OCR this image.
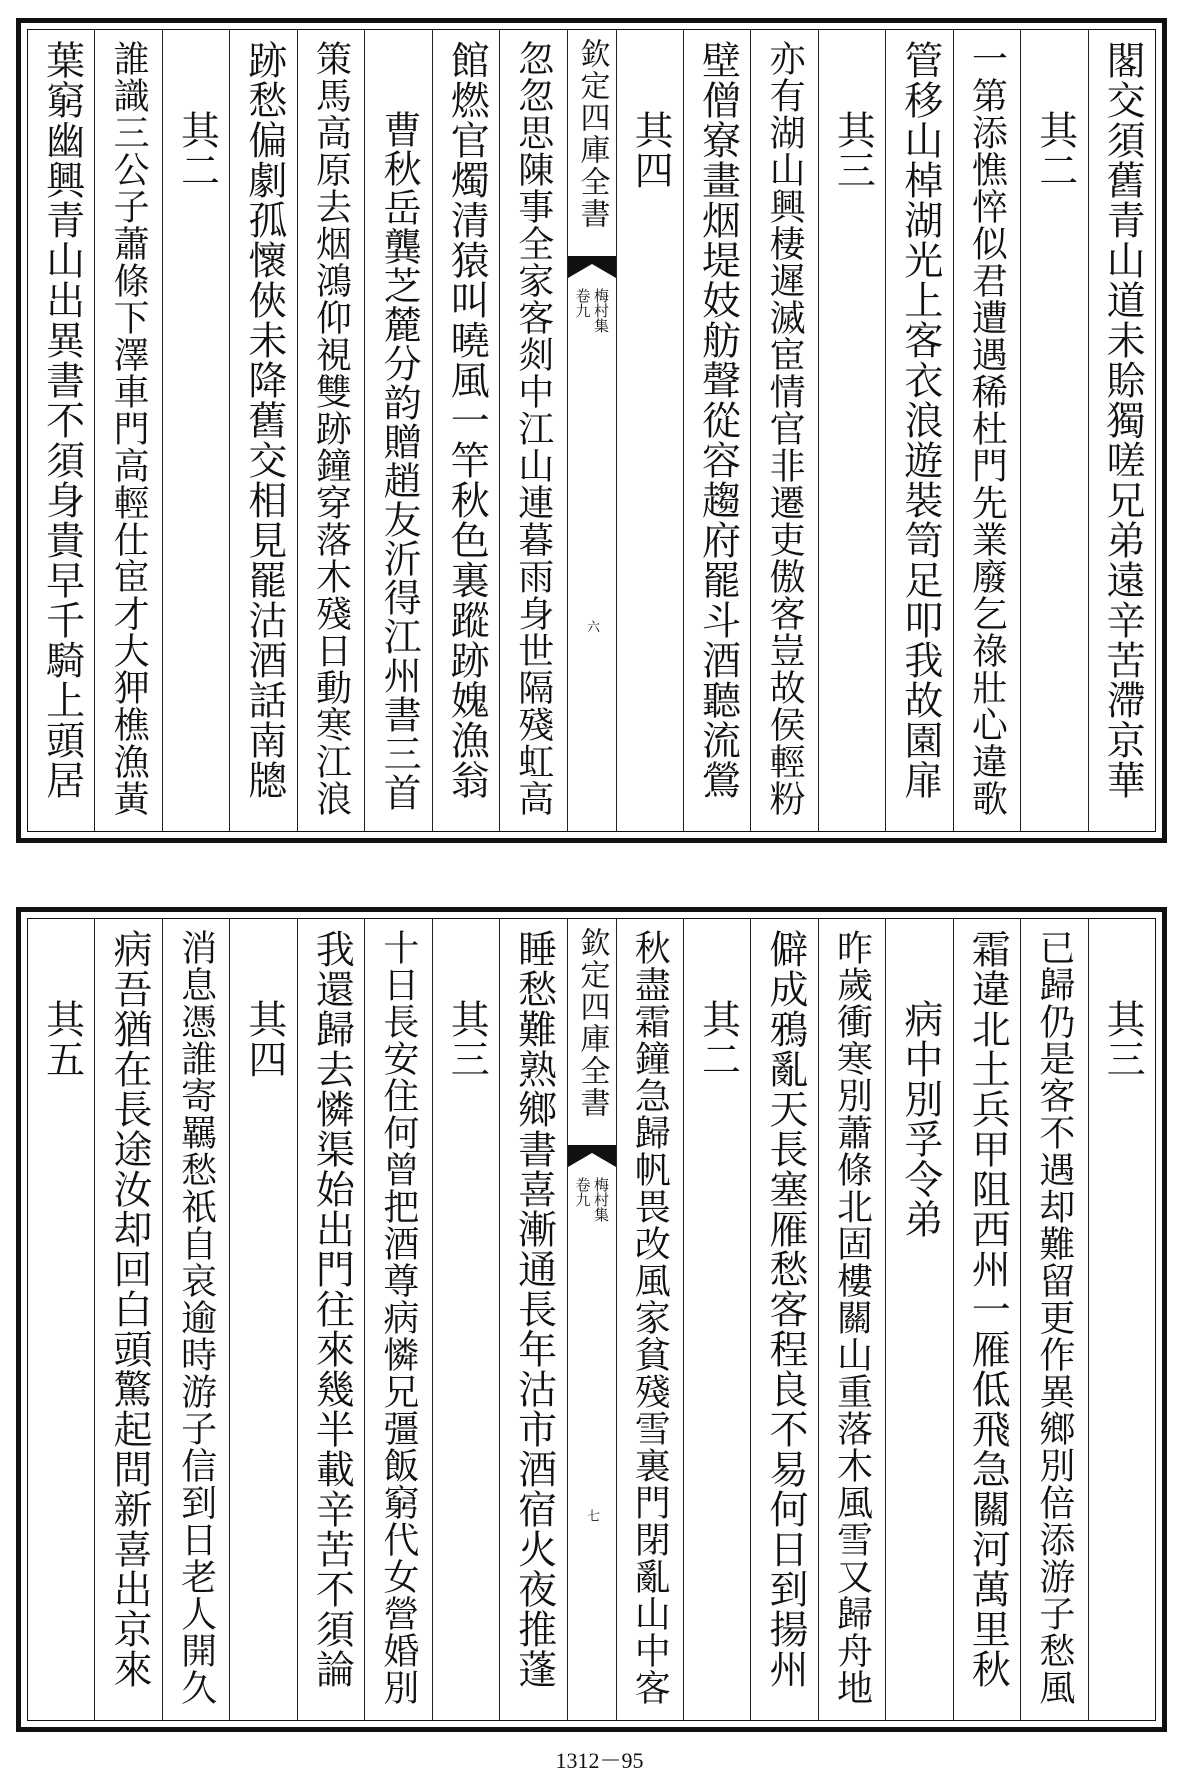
閣交須舊青山道未賒獨嗟兄弟遠辛苦滯京華
其二
一第添憔悴似君遭遇稀杜門先業廢乞祿壯心違歌
管移山棹湖光上客衣浪遊裝笥足叩我故園扉
其三
亦有湖山興棲遲滅宦情官非遷吏傲客豈故侯輕粉
壁僧寮畫烟堤妓舫聲從容趨府罷斗酒聽流鶯
其四
欽定四庫全書
梅村集
卷九
六
忽忽思陳事全家客剡中江山連暮雨身世隔殘虹高
館燃官燭清猿叫曉風一竿秋色裏蹤跡媿漁翁
曹秋岳龔芝麓分韵贈趙友沂得江州書三首
策馬高原去烟鴻仰視雙跡鐘穿落木殘日動寒江浪
跡愁偏劇孤懷俠未降舊交相見罷沽酒話南牕
其二
誰識三公子蕭條下澤車門高輕仕宦才大狎樵漁黃
葉窮幽興青山出異書不須身貴早千騎上頭居
其三
已歸仍是客不遇却難留更作異鄉別倍添游子愁風
霜違北土兵甲阻西州一雁低飛急關河萬里秋
病中別孚令弟
昨歲衝寒別蕭條北固樓關山重落木風雪又歸舟地
僻成鴉亂天長塞雁愁客程良不易何日到揚州
其二
秋盡霜鐘急歸帆畏改風家貧殘雪裏門閉亂山中客
欽定四庫全書
梅村集
卷九
七
睡愁難熟鄉書喜漸通長年沽市酒宿火夜推蓬
其三
十日長安住何曾把酒尊病憐兄彊飯窮代女營婚別
我還歸去憐渠始出門往來幾半載辛苦不須論
其四
消息憑誰寄羈愁祇自哀逾時游子信到日老人開久
病吾猶在長途汝却回白頭驚起問新喜出京來
其五
1312－95
